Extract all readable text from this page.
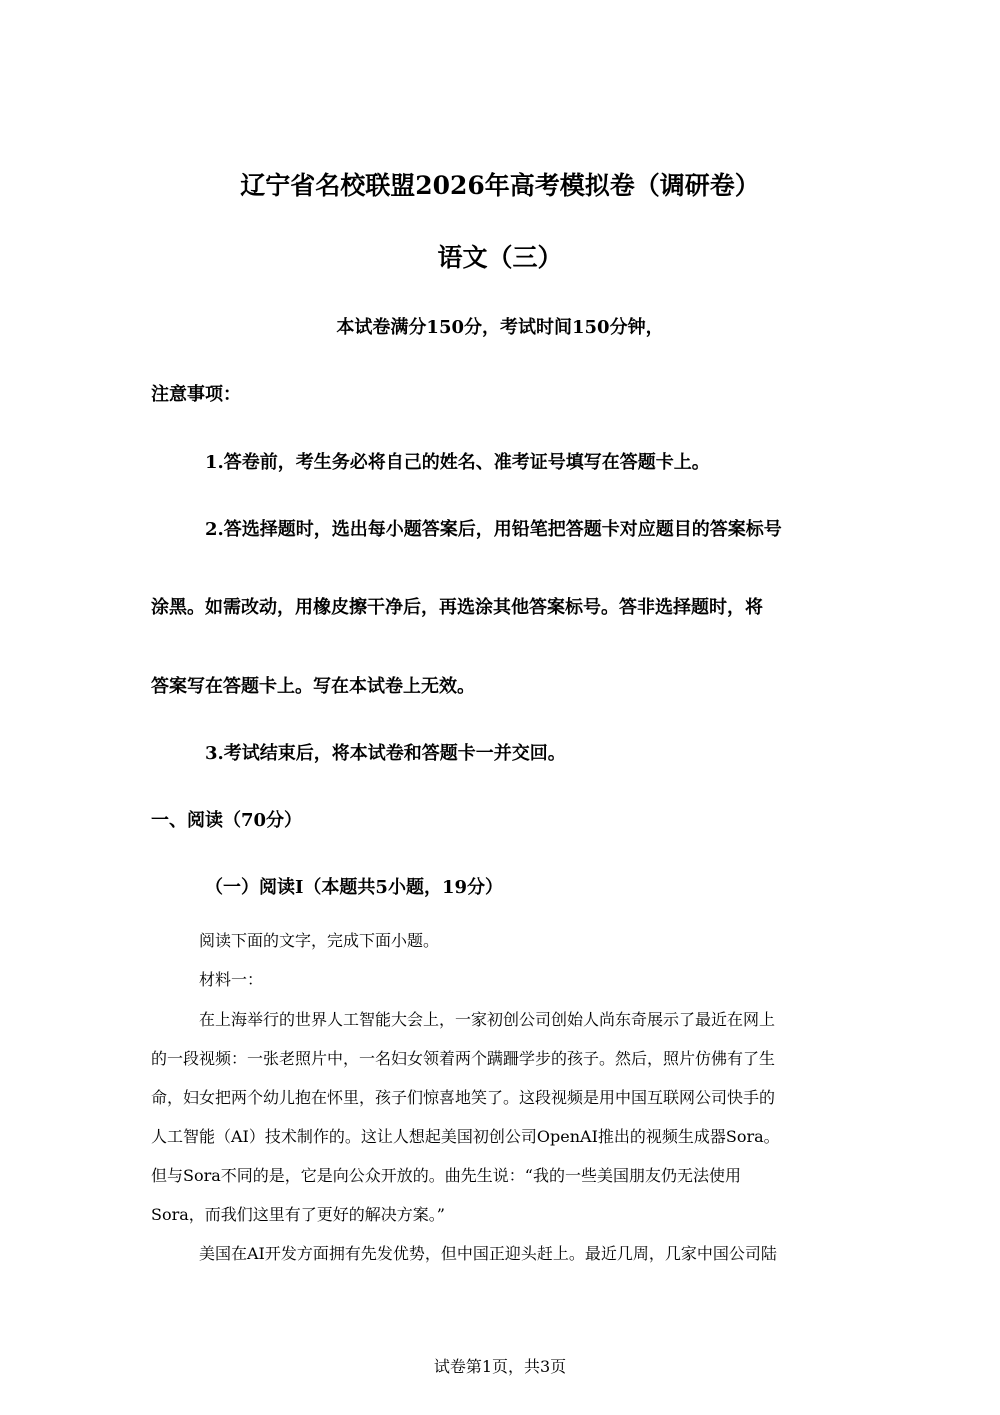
辽宁省名校联盟2026年高考模拟卷（调研卷）
语文（三）
本试卷满分150分，考试时间150分钟，
注意事项：
1.答卷前，考生务必将自己的姓名、准考证号填写在答题卡上。
2.答选择题时，选出每小题答案后，用铅笔把答题卡对应题目的答案标号
涂黑。如需改动，用橡皮擦干净后，再选涂其他答案标号。答非选择题时，将
答案写在答题卡上。写在本试卷上无效。
3.考试结束后，将本试卷和答题卡一并交回。
一、阅读（70分）
（一）阅读I（本题共5小题，19分）
阅读下面的文字，完成下面小题。
材料一：
在上海举行的世界人工智能大会上，一家初创公司创始人尚东奇展示了最近在网上
的一段视频：一张老照片中，一名妇女领着两个蹒跚学步的孩子。然后，照片仿佛有了生
命，妇女把两个幼儿抱在怀里，孩子们惊喜地笑了。这段视频是用中国互联网公司快手的
人工智能（AI）技术制作的。这让人想起美国初创公司OpenAI推出的视频生成器Sora。
但与Sora不同的是，它是向公众开放的。曲先生说：“我的一些美国朋友仍无法使用
Sora，而我们这里有了更好的解决方案。”
美国在AI开发方面拥有先发优势，但中国正迎头赶上。最近几周，几家中国公司陆
试卷第1页，共3页
